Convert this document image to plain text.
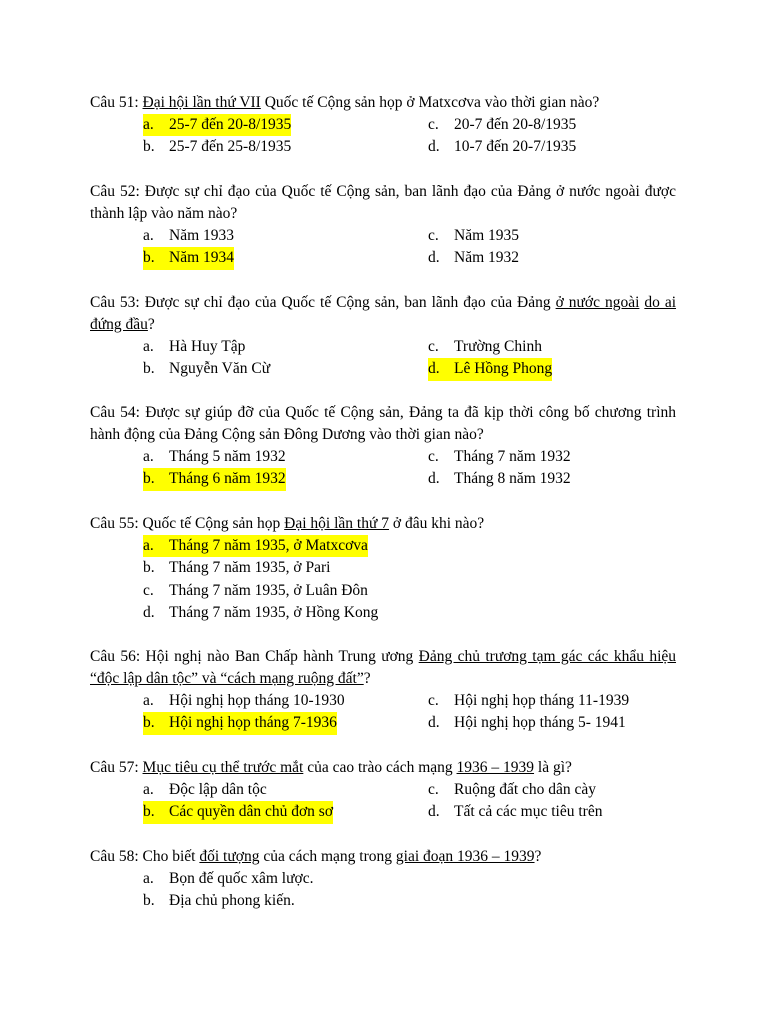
Câu 51: Đại hội lần thứ VII Quốc tế Cộng sản họp ở Matxcơva vào thời gian nào?
a. 25-7 đến 20-8/1935	c. 20-7 đến 20-8/1935
b. 25-7 đến 25-8/1935	d. 10-7 đến 20-7/1935
Câu 52: Được sự chỉ đạo của Quốc tế Cộng sản, ban lãnh đạo của Đảng ở nước ngoài được thành lập vào năm nào?
a. Năm 1933	c. Năm 1935
b. Năm 1934	d. Năm 1932
Câu 53: Được sự chỉ đạo của Quốc tế Cộng sản, ban lãnh đạo của Đảng ở nước ngoài do ai đứng đầu?
a. Hà Huy Tập	c. Trường Chinh
b. Nguyễn Văn Cừ	d. Lê Hồng Phong
Câu 54: Được sự giúp đỡ của Quốc tế Cộng sản, Đảng ta đã kịp thời công bố chương trình hành động của Đảng Cộng sản Đông Dương vào thời gian nào?
a. Tháng 5 năm 1932	c. Tháng 7 năm 1932
b. Tháng 6 năm 1932	d. Tháng 8 năm 1932
Câu 55: Quốc tế Cộng sản họp Đại hội lần thứ 7 ở đâu khi nào?
a. Tháng 7 năm 1935, ở Matxcơva
b. Tháng 7 năm 1935, ở Pari
c. Tháng 7 năm 1935, ở Luân Đôn
d. Tháng 7 năm 1935, ở Hồng Kong
Câu 56: Hội nghị nào Ban Chấp hành Trung ương Đảng chủ trương tạm gác các khẩu hiệu “độc lập dân tộc” và “cách mạng ruộng đất”?
a. Hội nghị họp tháng 10-1930	c. Hội nghị họp tháng 11-1939
b. Hội nghị họp tháng 7-1936	d. Hội nghị họp tháng 5- 1941
Câu 57: Mục tiêu cụ thể trước mắt của cao trào cách mạng 1936 – 1939 là gì?
a. Độc lập dân tộc	c. Ruộng đất cho dân cày
b. Các quyền dân chủ đơn sơ	d. Tất cả các mục tiêu trên
Câu 58: Cho biết đối tượng của cách mạng trong giai đoạn 1936 – 1939?
a. Bọn đế quốc xâm lược.
b. Địa chủ phong kiến.
